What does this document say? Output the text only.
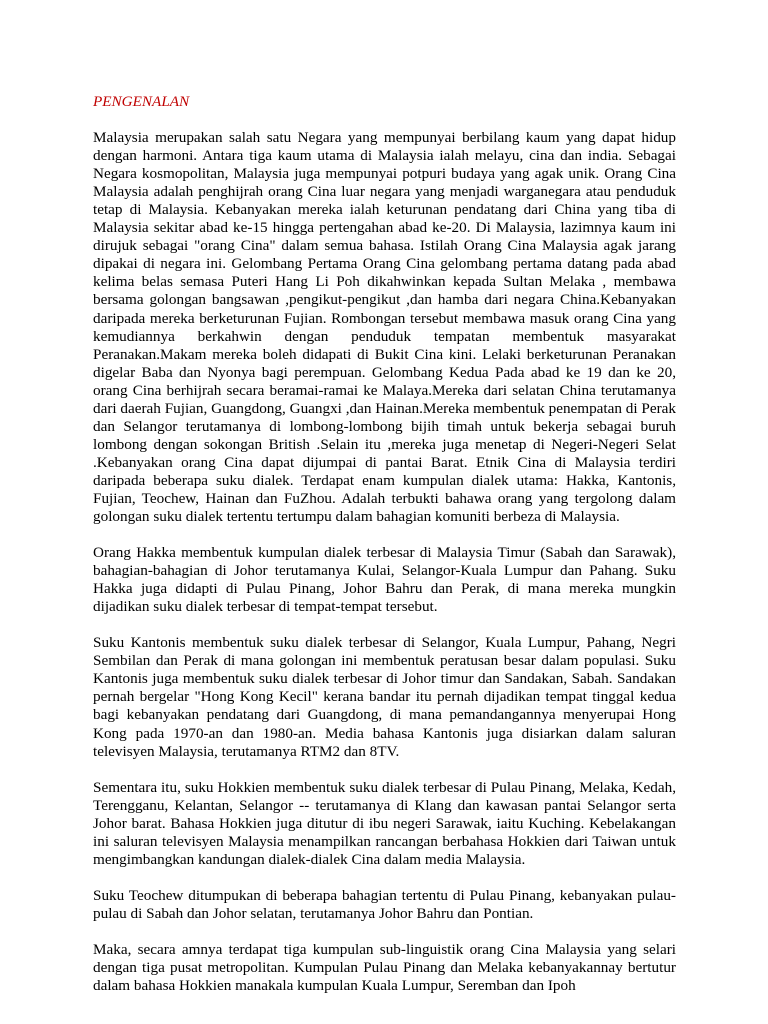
PENGENALAN

Malaysia merupakan salah satu Negara yang mempunyai berbilang kaum yang dapat hidup dengan harmoni. Antara tiga kaum utama di Malaysia ialah melayu, cina dan india. Sebagai Negara kosmopolitan, Malaysia juga mempunyai potpuri budaya yang agak unik. Orang Cina Malaysia adalah penghijrah orang Cina luar negara yang menjadi warganegara atau penduduk tetap di Malaysia. Kebanyakan mereka ialah keturunan pendatang dari China yang tiba di Malaysia sekitar abad ke-15 hingga pertengahan abad ke-20. Di Malaysia, lazimnya kaum ini dirujuk sebagai "orang Cina" dalam semua bahasa. Istilah Orang Cina Malaysia agak jarang dipakai di negara ini. Gelombang Pertama Orang Cina gelombang pertama datang pada abad kelima belas semasa Puteri Hang Li Poh dikahwinkan kepada Sultan Melaka , membawa bersama golongan bangsawan ,pengikut-pengikut ,dan hamba dari negara China.Kebanyakan daripada mereka berketurunan Fujian. Rombongan tersebut membawa masuk orang Cina yang kemudiannya berkahwin dengan penduduk tempatan membentuk masyarakat Peranakan.Makam mereka boleh didapati di Bukit Cina kini. Lelaki berketurunan Peranakan digelar Baba dan Nyonya bagi perempuan. Gelombang Kedua Pada abad ke 19 dan ke 20, orang Cina berhijrah secara beramai-ramai ke Malaya.Mereka dari selatan China terutamanya dari daerah Fujian, Guangdong, Guangxi ,dan Hainan.Mereka membentuk penempatan di Perak dan Selangor terutamanya di lombong-lombong bijih timah untuk bekerja sebagai buruh lombong dengan sokongan British .Selain itu ,mereka juga menetap di Negeri-Negeri Selat .Kebanyakan orang Cina dapat dijumpai di pantai Barat. Etnik Cina di Malaysia terdiri daripada beberapa suku dialek. Terdapat enam kumpulan dialek utama: Hakka, Kantonis, Fujian, Teochew, Hainan dan FuZhou. Adalah terbukti bahawa orang yang tergolong dalam golongan suku dialek tertentu tertumpu dalam bahagian komuniti berbeza di Malaysia.

Orang Hakka membentuk kumpulan dialek terbesar di Malaysia Timur (Sabah dan Sarawak), bahagian-bahagian di Johor terutamanya Kulai, Selangor-Kuala Lumpur dan Pahang. Suku Hakka juga didapti di Pulau Pinang, Johor Bahru dan Perak, di mana mereka mungkin dijadikan suku dialek terbesar di tempat-tempat tersebut.

Suku Kantonis membentuk suku dialek terbesar di Selangor, Kuala Lumpur, Pahang, Negri Sembilan dan Perak di mana golongan ini membentuk peratusan besar dalam populasi. Suku Kantonis juga membentuk suku dialek terbesar di Johor timur dan Sandakan, Sabah. Sandakan pernah bergelar "Hong Kong Kecil" kerana bandar itu pernah dijadikan tempat tinggal kedua bagi kebanyakan pendatang dari Guangdong, di mana pemandangannya menyerupai Hong Kong pada 1970-an dan 1980-an. Media bahasa Kantonis juga disiarkan dalam saluran televisyen Malaysia, terutamanya RTM2 dan 8TV.

Sementara itu, suku Hokkien membentuk suku dialek terbesar di Pulau Pinang, Melaka, Kedah, Terengganu, Kelantan, Selangor -- terutamanya di Klang dan kawasan pantai Selangor serta Johor barat. Bahasa Hokkien juga ditutur di ibu negeri Sarawak, iaitu Kuching. Kebelakangan ini saluran televisyen Malaysia menampilkan rancangan berbahasa Hokkien dari Taiwan untuk mengimbangkan kandungan dialek-dialek Cina dalam media Malaysia.

Suku Teochew ditumpukan di beberapa bahagian tertentu di Pulau Pinang, kebanyakan pulau-pulau di Sabah dan Johor selatan, terutamanya Johor Bahru dan Pontian.

Maka, secara amnya terdapat tiga kumpulan sub-linguistik orang Cina Malaysia yang selari dengan tiga pusat metropolitan. Kumpulan Pulau Pinang dan Melaka kebanyakannay bertutur dalam bahasa Hokkien manakala kumpulan Kuala Lumpur, Seremban dan Ipoh
